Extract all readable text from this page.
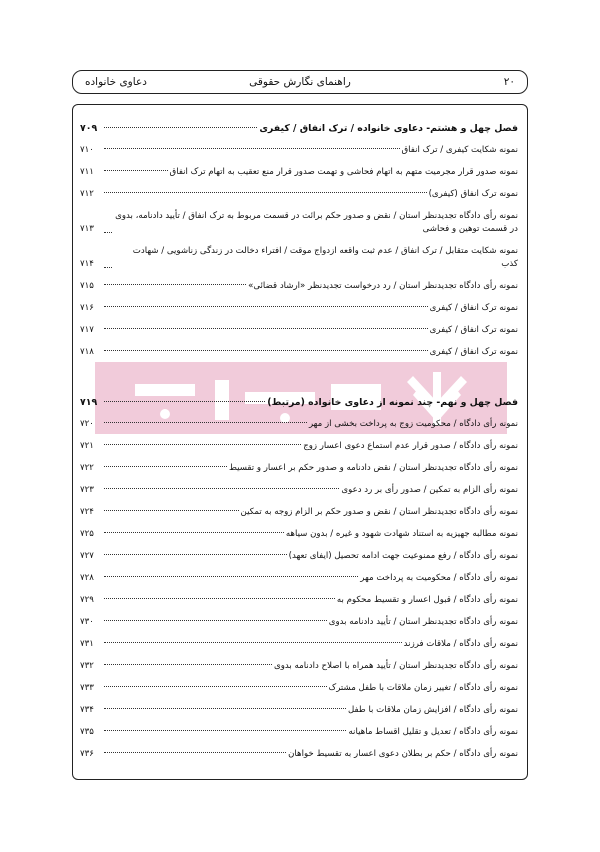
۲۰
راهنمای نگارش حقوقی
دعاوی خانواده
فصل چهل و هشتم- دعاوی خانواده / ترک انفاق / کیفری
۷۰۹
نمونه شکایت کیفری / ترک انفاق
۷۱۰
نمونه صدور قرار مجرمیت متهم به اتهام فحاشی و تهمت صدور قرار منع تعقیب به اتهام ترک انفاق
۷۱۱
نمونه ترک انفاق (کیفری)
۷۱۲
نمونه رأی دادگاه تجدیدنظر استان / نقض و صدور حکم برائت در قسمت مربوط به ترک انفاق / تأیید دادنامه، بدوی در قسمت توهین و فحاشی
۷۱۳
نمونه شکایت متقابل / ترک انفاق / عدم ثبت واقعه ازدواج موقت / افتراء دخالت در زندگی زناشویی / شهادت کذب
۷۱۴
نمونه رأی دادگاه تجدیدنظر استان / رد درخواست تجدیدنظر «ارشاد قضائی»
۷۱۵
نمونه ترک انفاق / کیفری
۷۱۶
نمونه ترک انفاق / کیفری
۷۱۷
نمونه ترک انفاق / کیفری
۷۱۸
فصل چهل و نهم- چند نمونه از دعاوی خانواده (مرتبط)
۷۱۹
نمونه رأی دادگاه / محکومیت زوج به پرداخت بخشی از مهر
۷۲۰
نمونه رأی دادگاه / صدور قرار عدم استماع دعوی اعسار زوج
۷۲۱
نمونه رأی دادگاه تجدیدنظر استان / نقض دادنامه و صدور حکم بر اعسار و تقسیط
۷۲۲
نمونه رأی الزام به تمکین / صدور رأی بر رد دعوی
۷۲۳
نمونه رأی دادگاه تجدیدنظر استان / نقض و صدور حکم بر الزام زوجه به تمکین
۷۲۴
نمونه مطالبه جهیزیه به استناد شهادت شهود و غیره / بدون سیاهه
۷۲۵
نمونه رأی دادگاه / رفع ممنوعیت جهت ادامه تحصیل (ایفای تعهد)
۷۲۷
نمونه رأی دادگاه / محکومیت به پرداخت مهر
۷۲۸
نمونه رأی دادگاه / قبول اعسار و تقسیط محکوم به
۷۲۹
نمونه رأی دادگاه تجدیدنظر استان / تأیید دادنامه بدوی
۷۳۰
نمونه رأی دادگاه / ملاقات فرزند
۷۳۱
نمونه رأی دادگاه تجدیدنظر استان / تأیید همراه با اصلاح دادنامه بدوی
۷۳۲
نمونه رأی دادگاه / تغییر زمان ملاقات با طفل مشترک
۷۳۳
نمونه رأی دادگاه / افزایش زمان ملاقات با طفل
۷۳۴
نمونه رأی دادگاه / تعدیل و تقلیل اقساط ماهیانه
۷۳۵
نمونه رأی دادگاه / حکم بر بطلان دعوی اعسار به تقسیط خواهان
۷۳۶
